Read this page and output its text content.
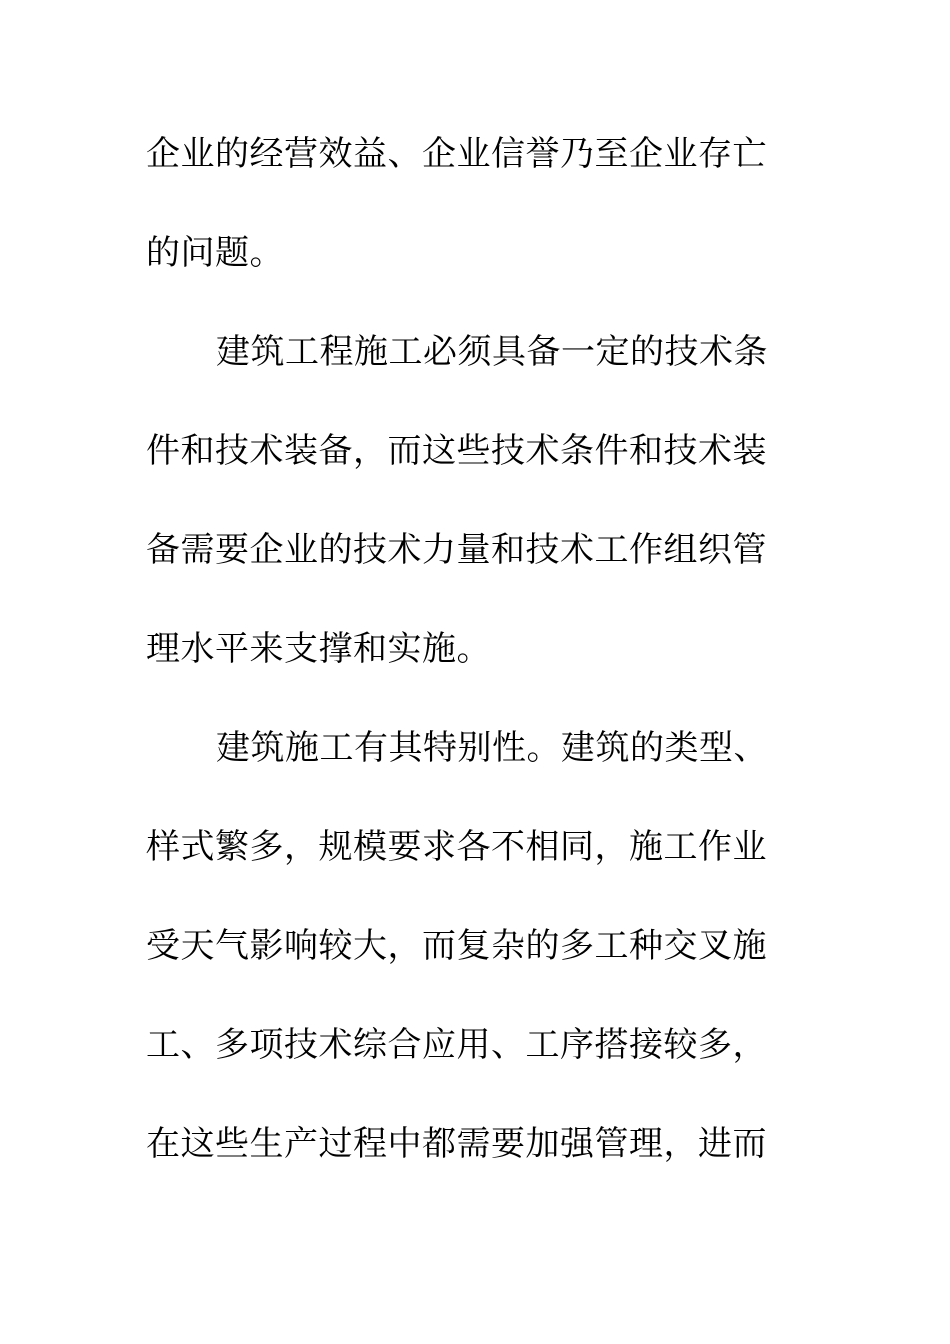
企业的经营效益、企业信誉乃至企业存亡
的问题。
建筑工程施工必须具备一定的技术条
件和技术装备，而这些技术条件和技术装
备需要企业的技术力量和技术工作组织管
理水平来支撑和实施。
建筑施工有其特别性。建筑的类型、
样式繁多，规模要求各不相同，施工作业
受天气影响较大，而复杂的多工种交叉施
工、多项技术综合应用、工序搭接较多，
在这些生产过程中都需要加强管理，进而
